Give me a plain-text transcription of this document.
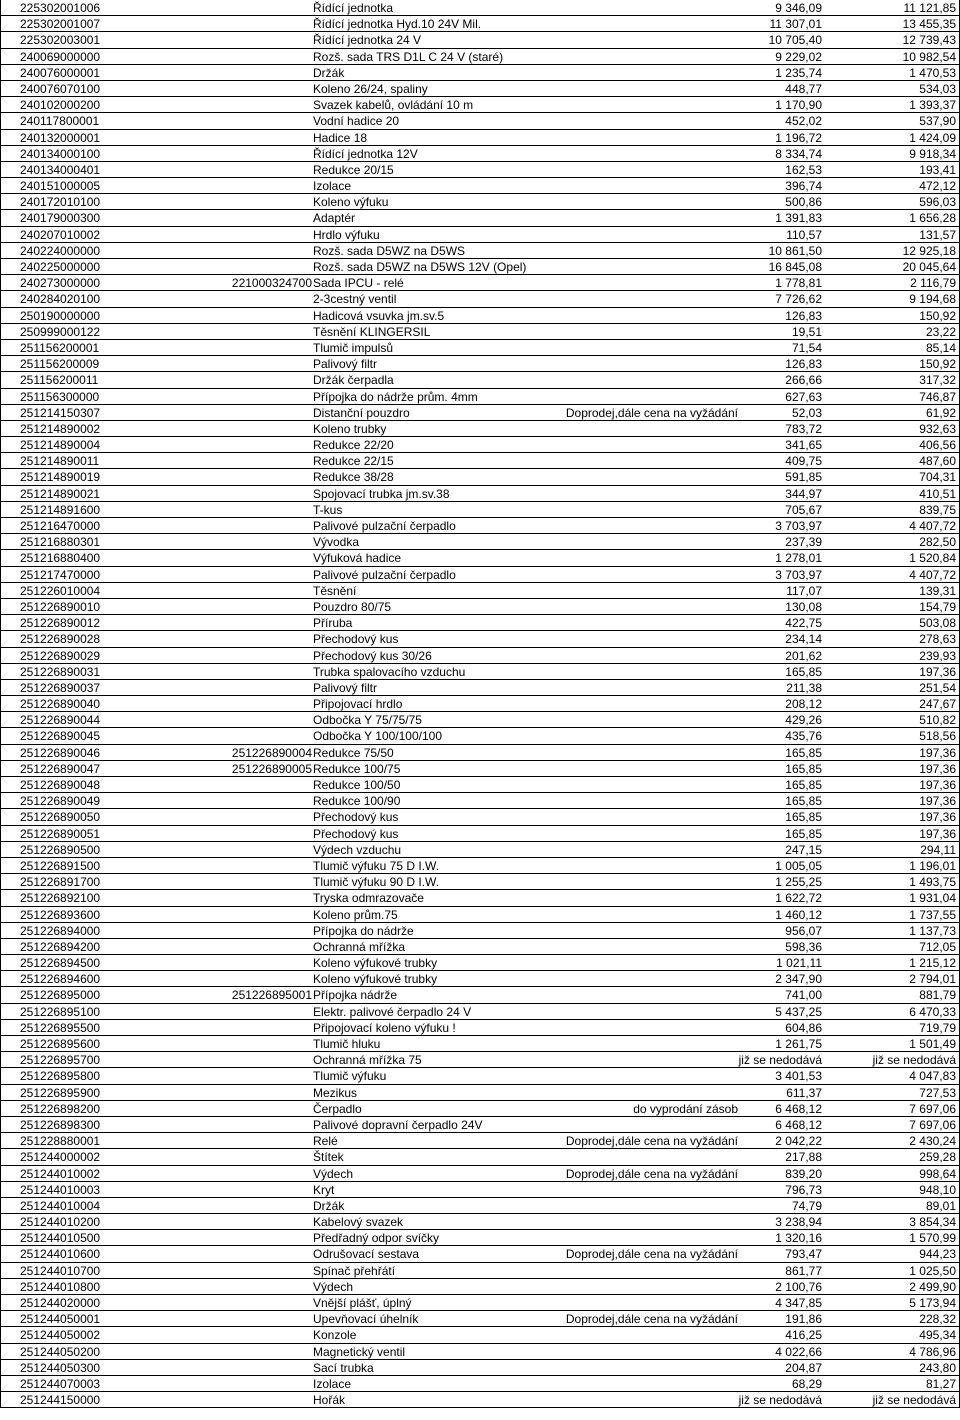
225302001006	Řídící jednotka	9 346,09	11 121,85
225302001007	Řídící jednotka Hyd.10 24V Mil.	11 307,01	13 455,35
225302003001	Řídící jednotka 24 V	10 705,40	12 739,43
240069000000	Rozš. sada TRS D1L C 24 V (staré)	9 229,02	10 982,54
240076000001	Držák	1 235,74	1 470,53
240076070100	Koleno 26/24, spaliny	448,77	534,03
240102000200	Svazek kabelů, ovládání 10 m	1 170,90	1 393,37
240117800001	Vodní hadice 20	452,02	537,90
240132000001	Hadice 18	1 196,72	1 424,09
240134000100	Řídící jednotka 12V	8 334,74	9 918,34
240134000401	Redukce 20/15	162,53	193,41
240151000005	Izolace	396,74	472,12
240172010100	Koleno výfuku	500,86	596,03
240179000300	Adaptér	1 391,83	1 656,28
240207010002	Hrdlo výfuku	110,57	131,57
240224000000	Rozš. sada D5WZ na D5WS	10 861,50	12 925,18
240225000000	Rozš. sada D5WZ na D5WS 12V (Opel)	16 845,08	20 045,64
240273000000	221000324700 Sada IPCU - relé	1 778,81	2 116,79
240284020100	2-3cestný ventil	7 726,62	9 194,68
250190000000	Hadicová vsuvka jm.sv.5	126,83	150,92
250999000122	Těsnění KLINGERSIL	19,51	23,22
251156200001	Tlumič impulsů	71,54	85,14
251156200009	Palivový filtr	126,83	150,92
251156200011	Držák čerpadla	266,66	317,32
251156300000	Přípojka do nádrže prům. 4mm	627,63	746,87
251214150307	Distanční pouzdro	Doprodej,dále cena na vyžádání	52,03	61,92
251214890002	Koleno trubky	783,72	932,63
251214890004	Redukce 22/20	341,65	406,56
251214890011	Redukce 22/15	409,75	487,60
251214890019	Redukce 38/28	591,85	704,31
251214890021	Spojovací trubka jm.sv.38	344,97	410,51
251214891600	T-kus	705,67	839,75
251216470000	Palivové pulzační čerpadlo	3 703,97	4 407,72
251216880301	Vývodka	237,39	282,50
251216880400	Výfuková hadice	1 278,01	1 520,84
251217470000	Palivové pulzační čerpadlo	3 703,97	4 407,72
251226010004	Těsnění	117,07	139,31
251226890010	Pouzdro 80/75	130,08	154,79
251226890012	Příruba	422,75	503,08
251226890028	Přechodový kus	234,14	278,63
251226890029	Přechodový kus 30/26	201,62	239,93
251226890031	Trubka spalovacího vzduchu	165,85	197,36
251226890037	Palivový filtr	211,38	251,54
251226890040	Připojovací hrdlo	208,12	247,67
251226890044	Odbočka Y 75/75/75	429,26	510,82
251226890045	Odbočka Y 100/100/100	435,76	518,56
251226890046	251226890004 Redukce 75/50	165,85	197,36
251226890047	251226890005 Redukce 100/75	165,85	197,36
251226890048	Redukce 100/50	165,85	197,36
251226890049	Redukce 100/90	165,85	197,36
251226890050	Přechodový kus	165,85	197,36
251226890051	Přechodový kus	165,85	197,36
251226890500	Výdech vzduchu	247,15	294,11
251226891500	Tlumič výfuku 75 D I.W.	1 005,05	1 196,01
251226891700	Tlumič výfuku 90 D I.W.	1 255,25	1 493,75
251226892100	Tryska odmrazovače	1 622,72	1 931,04
251226893600	Koleno prům.75	1 460,12	1 737,55
251226894000	Přípojka do nádrže	956,07	1 137,73
251226894200	Ochranná mřížka	598,36	712,05
251226894500	Koleno výfukové trubky	1 021,11	1 215,12
251226894600	Koleno výfukové trubky	2 347,90	2 794,01
251226895000	251226895001 Přípojka nádrže	741,00	881,79
251226895100	Elektr. palivové čerpadlo 24 V	5 437,25	6 470,33
251226895500	Připojovací koleno výfuku !	604,86	719,79
251226895600	Tlumič hluku	1 261,75	1 501,49
251226895700	Ochranná mřížka 75	již se nedodává	již se nedodává
251226895800	Tlumič výfuku	3 401,53	4 047,83
251226895900	Mezikus	611,37	727,53
251226898200	Čerpadlo	do vyprodání zásob	6 468,12	7 697,06
251226898300	Palivové dopravní čerpadlo 24V	6 468,12	7 697,06
251228880001	Relé	Doprodej,dále cena na vyžádání	2 042,22	2 430,24
251244000002	Štítek	217,88	259,28
251244010002	Výdech	Doprodej,dále cena na vyžádání	839,20	998,64
251244010003	Kryt	796,73	948,10
251244010004	Držák	74,79	89,01
251244010200	Kabelový svazek	3 238,94	3 854,34
251244010500	Předřadný odpor svíčky	1 320,16	1 570,99
251244010600	Odrušovací sestava	Doprodej,dále cena na vyžádání	793,47	944,23
251244010700	Spínač přehřátí	861,77	1 025,50
251244010800	Výdech	2 100,76	2 499,90
251244020000	Vnější plášť, úplný	4 347,85	5 173,94
251244050001	Upevňovací úhelník	Doprodej,dále cena na vyžádání	191,86	228,32
251244050002	Konzole	416,25	495,34
251244050200	Magnetický ventil	4 022,66	4 786,96
251244050300	Sací trubka	204,87	243,80
251244070003	Izolace	68,29	81,27
251244150000	Hořák	již se nedodává	již se nedodává
